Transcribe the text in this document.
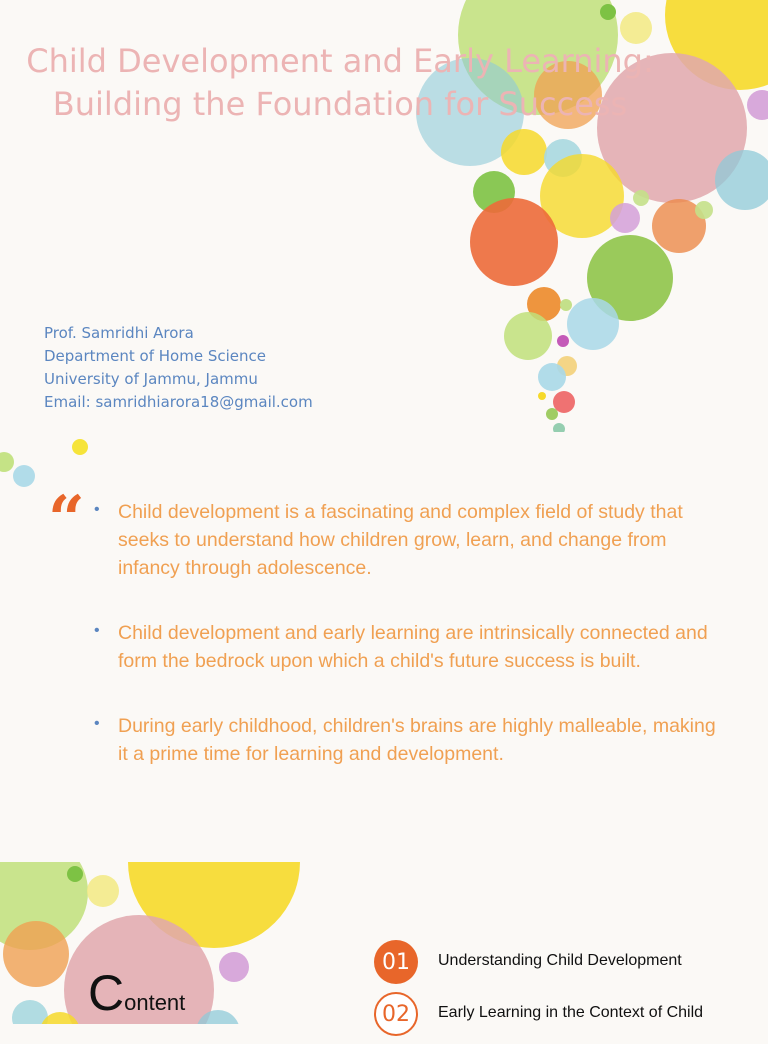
Child Development and Early Learning:
Building the Foundation for Success
Prof. Samridhi Arora
Department of Home Science
University of Jammu, Jammu
Email: samridhiarora18@gmail.com
“ • Child development is a fascinating and complex field of study that seeks to understand how children grow, learn, and change from infancy through adolescence.
• Child development and early learning are intrinsically connected and form the bedrock upon which a child's future success is built.
• During early childhood, children's brains are highly malleable, making it a prime time for learning and development.
Content
01	Understanding Child Development
02	Early Learning in the Context of Child
